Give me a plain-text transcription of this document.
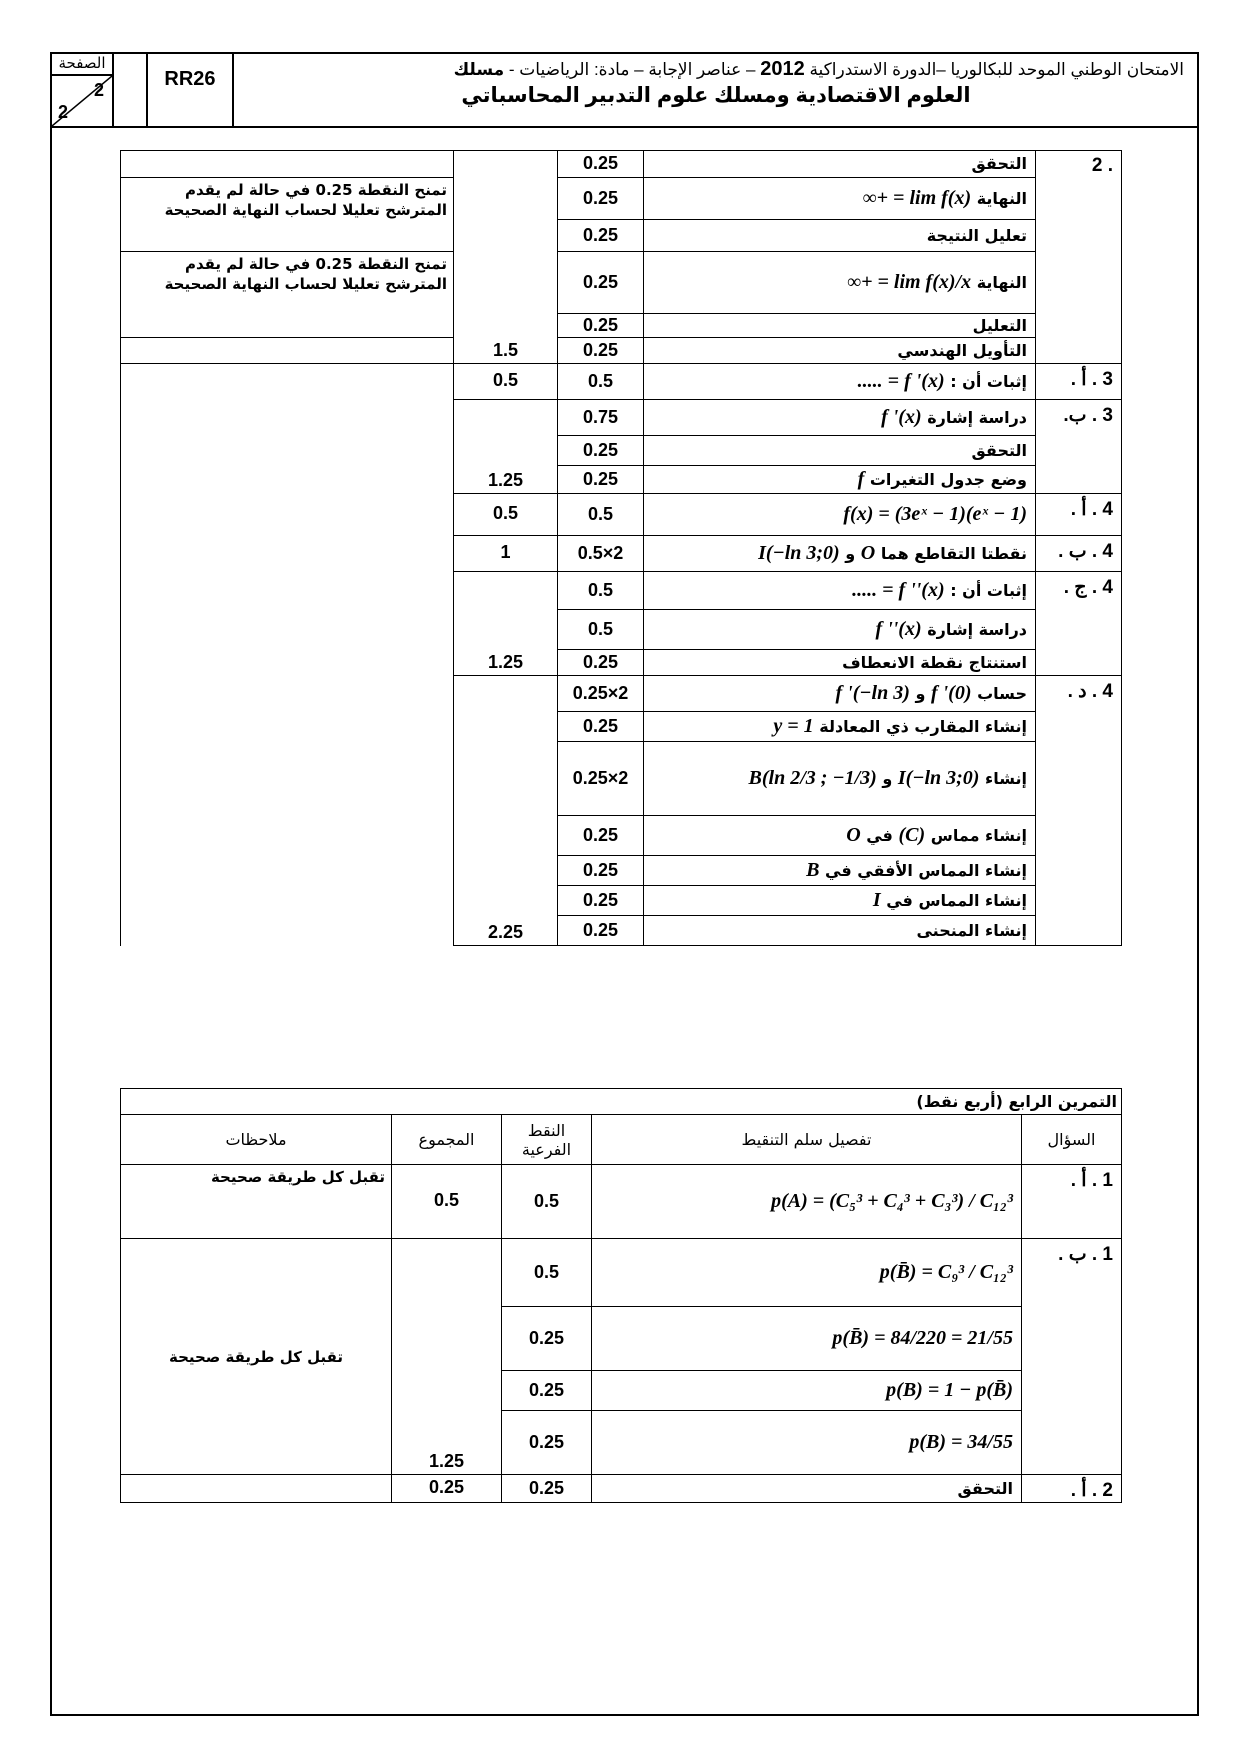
الصفحة
2
2
RR26	الامتحان الوطني الموحد للبكالوريا –الدورة الاستدراكية 2012 – عناصر الإجابة – مادة: الرياضيات - مسلك
العلوم الاقتصادية ومسلك علوم التدبير المحاسباتي
. 2	التحقق	0.25	1.5		
	النهاية lim f(x) = +∞	0.25		تمنح النقطة 0.25 في حالة لم يقدم المترشح تعليلا لحساب النهاية الصحيحة	
	تعليل النتيجة	0.25			
	النهاية lim f(x)/x = +∞	0.25		تمنح النقطة 0.25 في حالة لم يقدم المترشح تعليلا لحساب النهاية الصحيحة	
	التعليل	0.25			
	التأويل الهندسي	0.25			
3 . أ .	إثبات أن : f '(x) = .....	0.5	0.5		
3 . ب.	دراسة إشارة f '(x)	0.75	1.25		
	التحقق	0.25			
	وضع جدول التغيرات f	0.25			
4 . أ .	f(x) = (3eˣ − 1)(eˣ − 1)	0.5	0.5		
4 . ب .	نقطتا التقاطع هما O و I(−ln 3;0)	2×0.5	1		
4 . ج .	إثبات أن : f ''(x) = .....	0.5	1.25		
	دراسة إشارة f ''(x)	0.5			
	استنتاج نقطة الانعطاف	0.25			
4 . د .	حساب f '(0) و f '(−ln 3)	2×0.25	2.25		
	إنشاء المقارب ذي المعادلة y = 1	0.25			
	إنشاء I(−ln 3;0) و B(ln 2/3 ; −1/3)	2×0.25			
	إنشاء مماس (C) في O	0.25			
	إنشاء المماس الأفقي في B	0.25			
	إنشاء المماس في I	0.25			
	إنشاء المنحنى	0.25			
التمرين الرابع (أربع نقط)				
السؤال	تفصيل سلم التنقيط	النقط الفرعية	المجموع	ملاحظات
1 . أ .	p(A) = (C₅³ + C₄³ + C₃³) / C₁₂³	0.5	0.5	تقبل كل طريقة صحيحة
1 . ب .	p(B̄) = C₉³ / C₁₂³	0.5	1.25	تقبل كل طريقة صحيحة
	p(B̄) = 84/220 = 21/55	0.25		
	p(B) = 1 − p(B̄)	0.25		
	p(B) = 34/55	0.25		
2 . أ .	التحقق	0.25	0.25	
